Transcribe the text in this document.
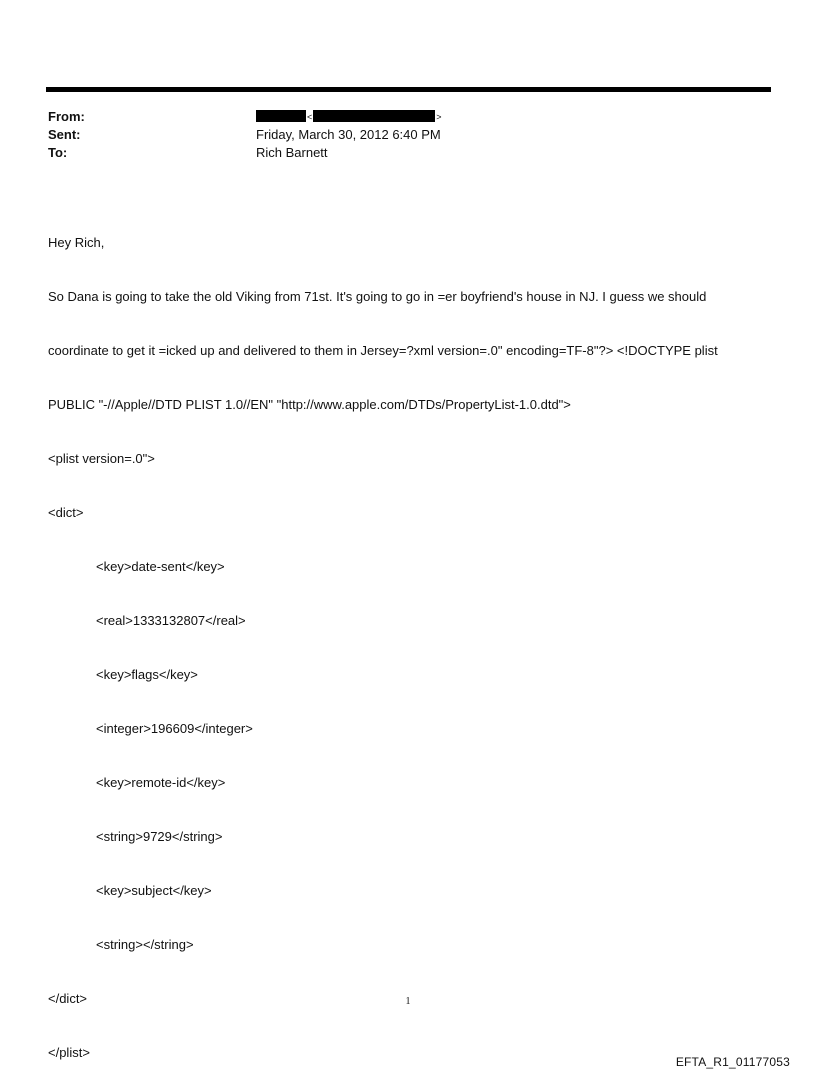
From:	<	>
Sent:	Friday, March 30, 2012 6:40 PM
To:	Rich Barnett

Hey Rich,

So Dana is going to take the old Viking from 71st. It's going to go in =er boyfriend's house in NJ. I guess we should

coordinate to get it =icked up and delivered to them in Jersey=?xml version=.0" encoding=TF-8"?> <!DOCTYPE plist

PUBLIC "-//Apple//DTD PLIST 1.0//EN" "http://www.apple.com/DTDs/PropertyList-1.0.dtd">

<plist version=.0">

<dict>

<key>date-sent</key>

<real>1333132807</real>

<key>flags</key>

<integer>196609</integer>

<key>remote-id</key>

<string>9729</string>

<key>subject</key>

<string></string>

</dict>

</plist>

1
EFTA_R1_01177053
